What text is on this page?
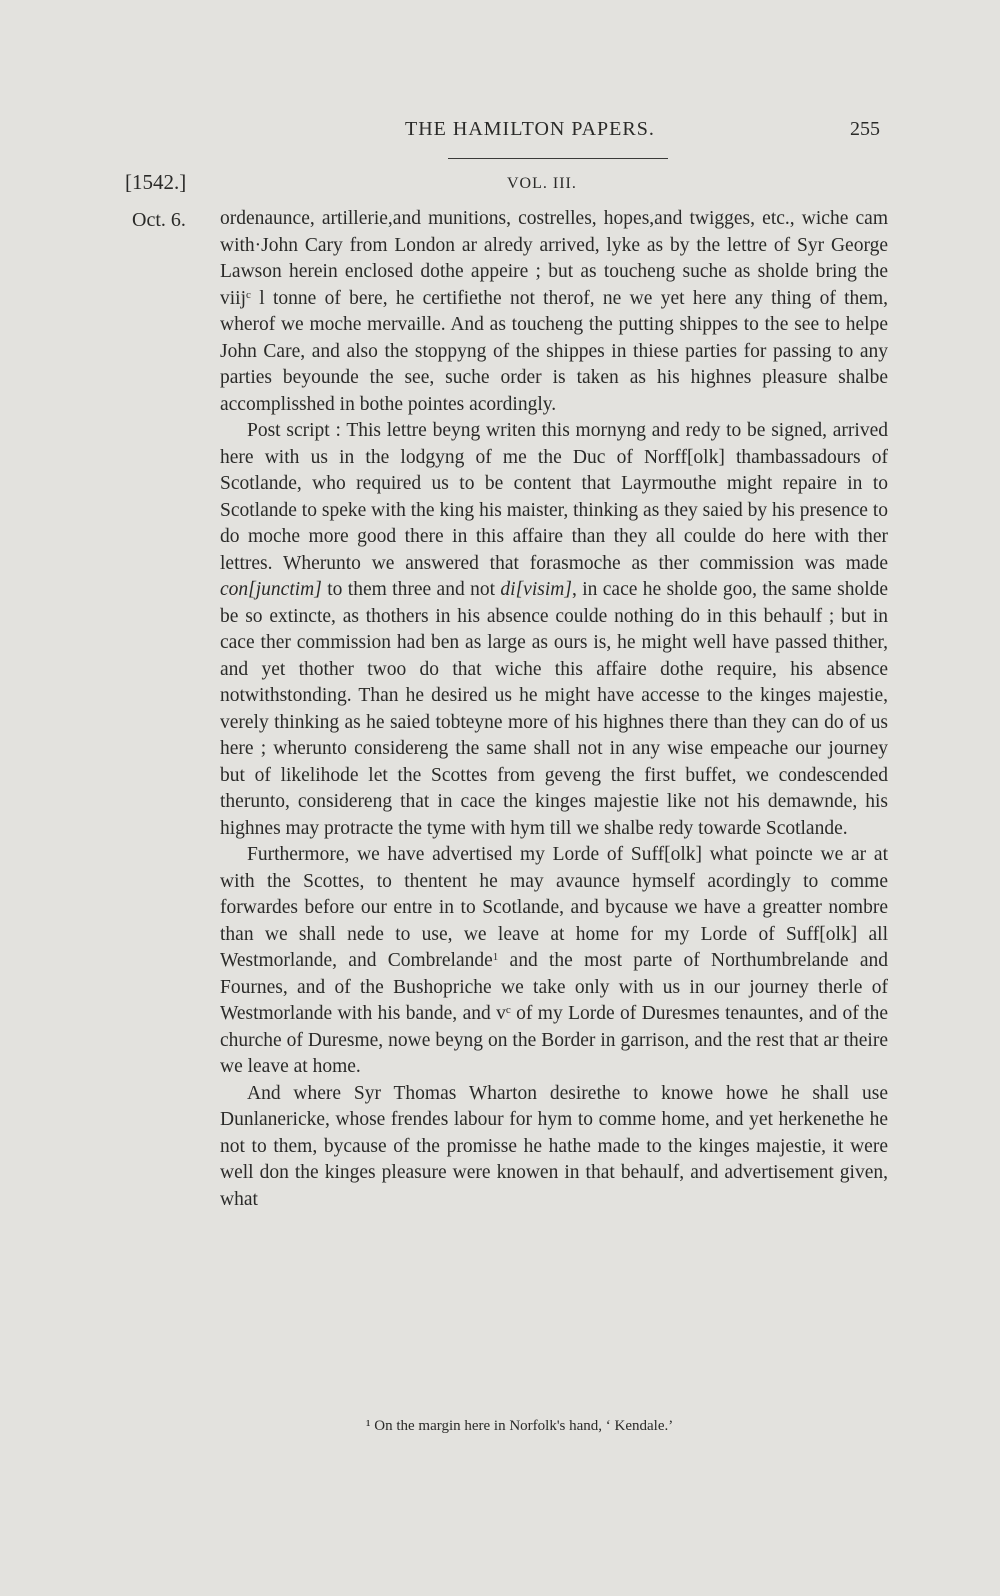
THE HAMILTON PAPERS.	255
[1542.]	VOL. III.
Oct. 6. ordenaunce, artillerie,and munitions, costrelles, hopes,and twigges, etc., wiche cam with·John Cary from London ar alredy arrived, lyke as by the lettre of Syr George Lawson herein enclosed dothe appeire ; but as toucheng suche as sholde bring the viij$^c$ l tonne of bere, he certifiethe not therof, ne we yet here any thing of them, wherof we moche mervaille. And as toucheng the putting shippes to the see to helpe John Care, and also the stoppyng of the shippes in thiese parties for passing to any parties beyounde the see, suche order is taken as his highnes pleasure shalbe accomplisshed in bothe pointes acordingly.

Post script : This lettre beyng writen this mornyng and redy to be signed, arrived here with us in the lodgyng of me the Duc of Norff[olk] thambassadours of Scotlande, who required us to be content that Layrmouthe might repaire in to Scotlande to speke with the king his maister, thinking as they saied by his presence to do moche more good there in this affaire than they all coulde do here with ther lettres. Wherunto we answered that forasmoche as ther commission was made con[junctim] to them three and not di[visim], in cace he sholde goo, the same sholde be so extincte, as thothers in his absence coulde nothing do in this behaulf ; but in cace ther commission had ben as large as ours is, he might well have passed thither, and yet thother twoo do that wiche this affaire dothe require, his absence notwithstonding. Than he desired us he might have accesse to the kinges majestie, verely thinking as he saied tobteyne more of his highnes there than they can do of us here ; wherunto considereng the same shall not in any wise empeache our journey but of likelihode let the Scottes from geveng the first buffet, we condescended therunto, considereng that in cace the kinges majestie like not his demawnde, his highnes may protracte the tyme with hym till we shalbe redy towarde Scotlande.

Furthermore, we have advertised my Lorde of Suff[olk] what poincte we ar at with the Scottes, to thentent he may avaunce hymself acordingly to comme forwardes before our entre in to Scotlande, and bycause we have a greatter nombre than we shall nede to use, we leave at home for my Lorde of Suff[olk] all Westmorlande, and Combrelande$^1$ and the most parte of Northumbrelande and Fournes, and of the Bushopriche we take only with us in our journey therle of Westmorlande with his bande, and $v^c$ of my Lorde of Duresmes tenauntes, and of the churche of Duresme, nowe beyng on the Border in garrison, and the rest that ar theire we leave at home.

And where Syr Thomas Wharton desirethe to knowe howe he shall use Dunlanericke, whose frendes labour for hym to comme home, and yet herkenethe he not to them, bycause of the promisse he hathe made to the kinges majestie, it were well don the kinges pleasure were knowen in that behaulf, and advertisement given, what

¹ On the margin here in Norfolk's hand, ‘ Kendale.’
